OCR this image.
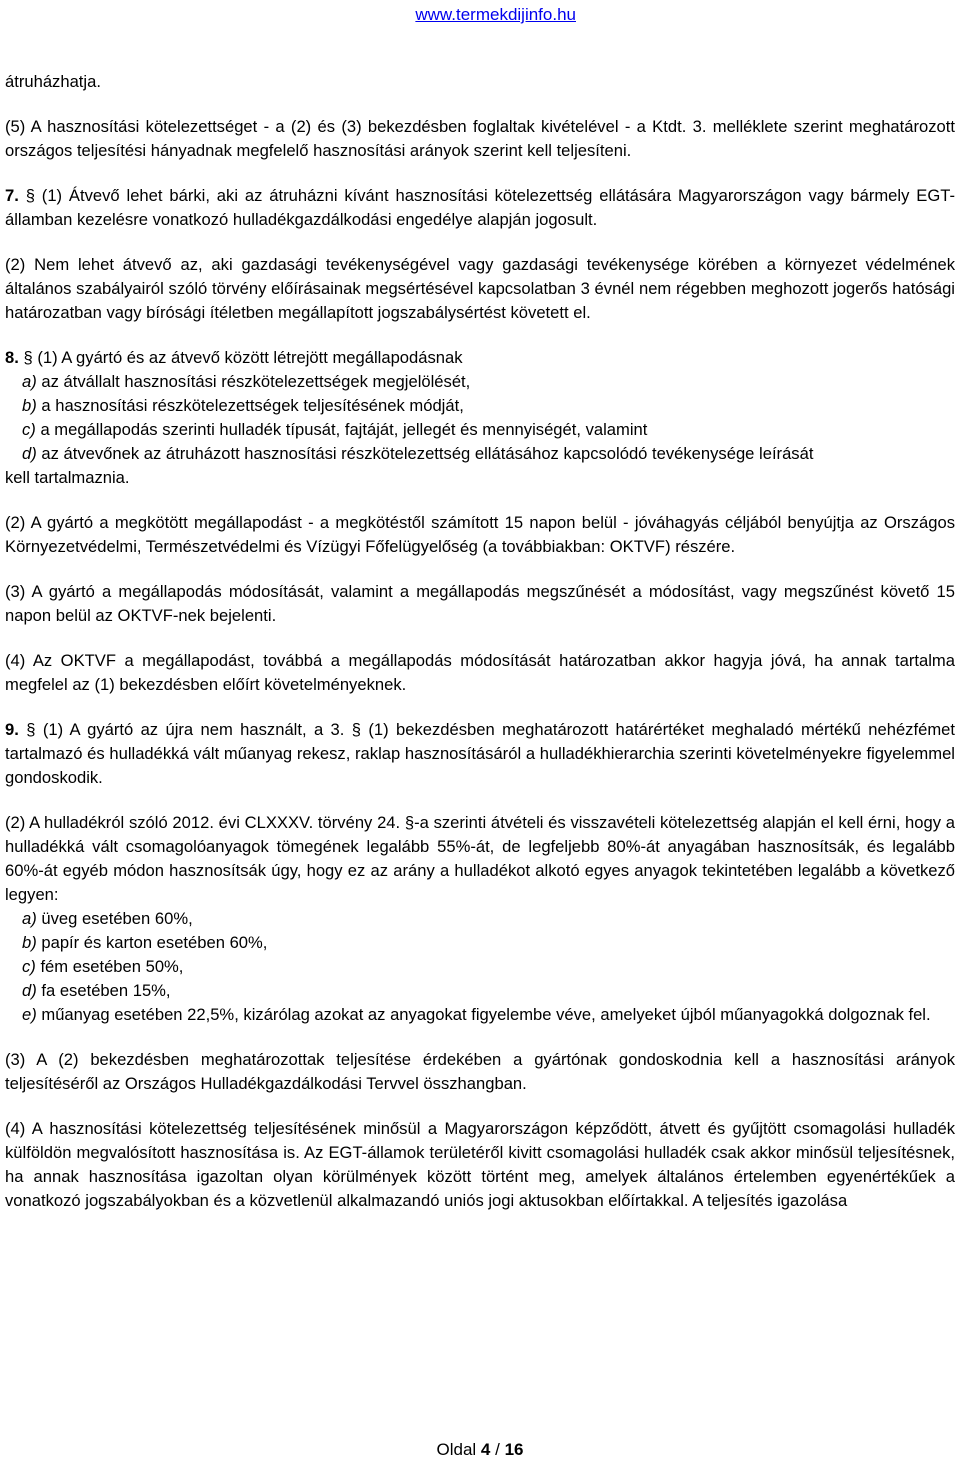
www.termekdijinfo.hu

átruházhatja.

(5) A hasznosítási kötelezettséget - a (2) és (3) bekezdésben foglaltak kivételével - a Ktdt. 3. melléklete szerint meghatározott országos teljesítési hányadnak megfelelő hasznosítási arányok szerint kell teljesíteni.

7. § (1) Átvevő lehet bárki, aki az átruházni kívánt hasznosítási kötelezettség ellátására Magyarországon vagy bármely EGT-államban kezelésre vonatkozó hulladékgazdálkodási engedélye alapján jogosult.

(2) Nem lehet átvevő az, aki gazdasági tevékenységével vagy gazdasági tevékenysége körében a környezet védelmének általános szabályairól szóló törvény előírásainak megsértésével kapcsolatban 3 évnél nem régebben meghozott jogerős hatósági határozatban vagy bírósági ítéletben megállapított jogszabálysértést követett el.

8. § (1) A gyártó és az átvevő között létrejött megállapodásnak

a) az átvállalt hasznosítási részkötelezettségek megjelölését,

b) a hasznosítási részkötelezettségek teljesítésének módját,

c) a megállapodás szerinti hulladék típusát, fajtáját, jellegét és mennyiségét, valamint

d) az átvevőnek az átruházott hasznosítási részkötelezettség ellátásához kapcsolódó tevékenysége leírását

kell tartalmaznia.

(2) A gyártó a megkötött megállapodást - a megkötéstől számított 15 napon belül - jóváhagyás céljából benyújtja az Országos Környezetvédelmi, Természetvédelmi és Vízügyi Főfelügyelőség (a továbbiakban: OKTVF) részére.

(3) A gyártó a megállapodás módosítását, valamint a megállapodás megszűnését a módosítást, vagy megszűnést követő 15 napon belül az OKTVF-nek bejelenti.

(4) Az OKTVF a megállapodást, továbbá a megállapodás módosítását határozatban akkor hagyja jóvá, ha annak tartalma megfelel az (1) bekezdésben előírt követelményeknek.

9. § (1) A gyártó az újra nem használt, a 3. § (1) bekezdésben meghatározott határértéket meghaladó mértékű nehézfémet tartalmazó és hulladékká vált műanyag rekesz, raklap hasznosításáról a hulladékhierarchia szerinti követelményekre figyelemmel gondoskodik.

(2) A hulladékról szóló 2012. évi CLXXXV. törvény 24. §-a szerinti átvételi és visszavételi kötelezettség alapján el kell érni, hogy a hulladékká vált csomagolóanyagok tömegének legalább 55%-át, de legfeljebb 80%-át anyagában hasznosítsák, és legalább 60%-át egyéb módon hasznosítsák úgy, hogy ez az arány a hulladékot alkotó egyes anyagok tekintetében legalább a következő legyen:

a) üveg esetében 60%,

b) papír és karton esetében 60%,

c) fém esetében 50%,

d) fa esetében 15%,

e) műanyag esetében 22,5%, kizárólag azokat az anyagokat figyelembe véve, amelyeket újból műanyagokká dolgoznak fel.

(3) A (2) bekezdésben meghatározottak teljesítése érdekében a gyártónak gondoskodnia kell a hasznosítási arányok teljesítéséről az Országos Hulladékgazdálkodási Tervvel összhangban.

(4) A hasznosítási kötelezettség teljesítésének minősül a Magyarországon képződött, átvett és gyűjtött csomagolási hulladék külföldön megvalósított hasznosítása is. Az EGT-államok területéről kivitt csomagolási hulladék csak akkor minősül teljesítésnek, ha annak hasznosítása igazoltan olyan körülmények között történt meg, amelyek általános értelemben egyenértékűek a vonatkozó jogszabályokban és a közvetlenül alkalmazandó uniós jogi aktusokban előírtakkal. A teljesítés igazolása

Oldal 4 / 16
